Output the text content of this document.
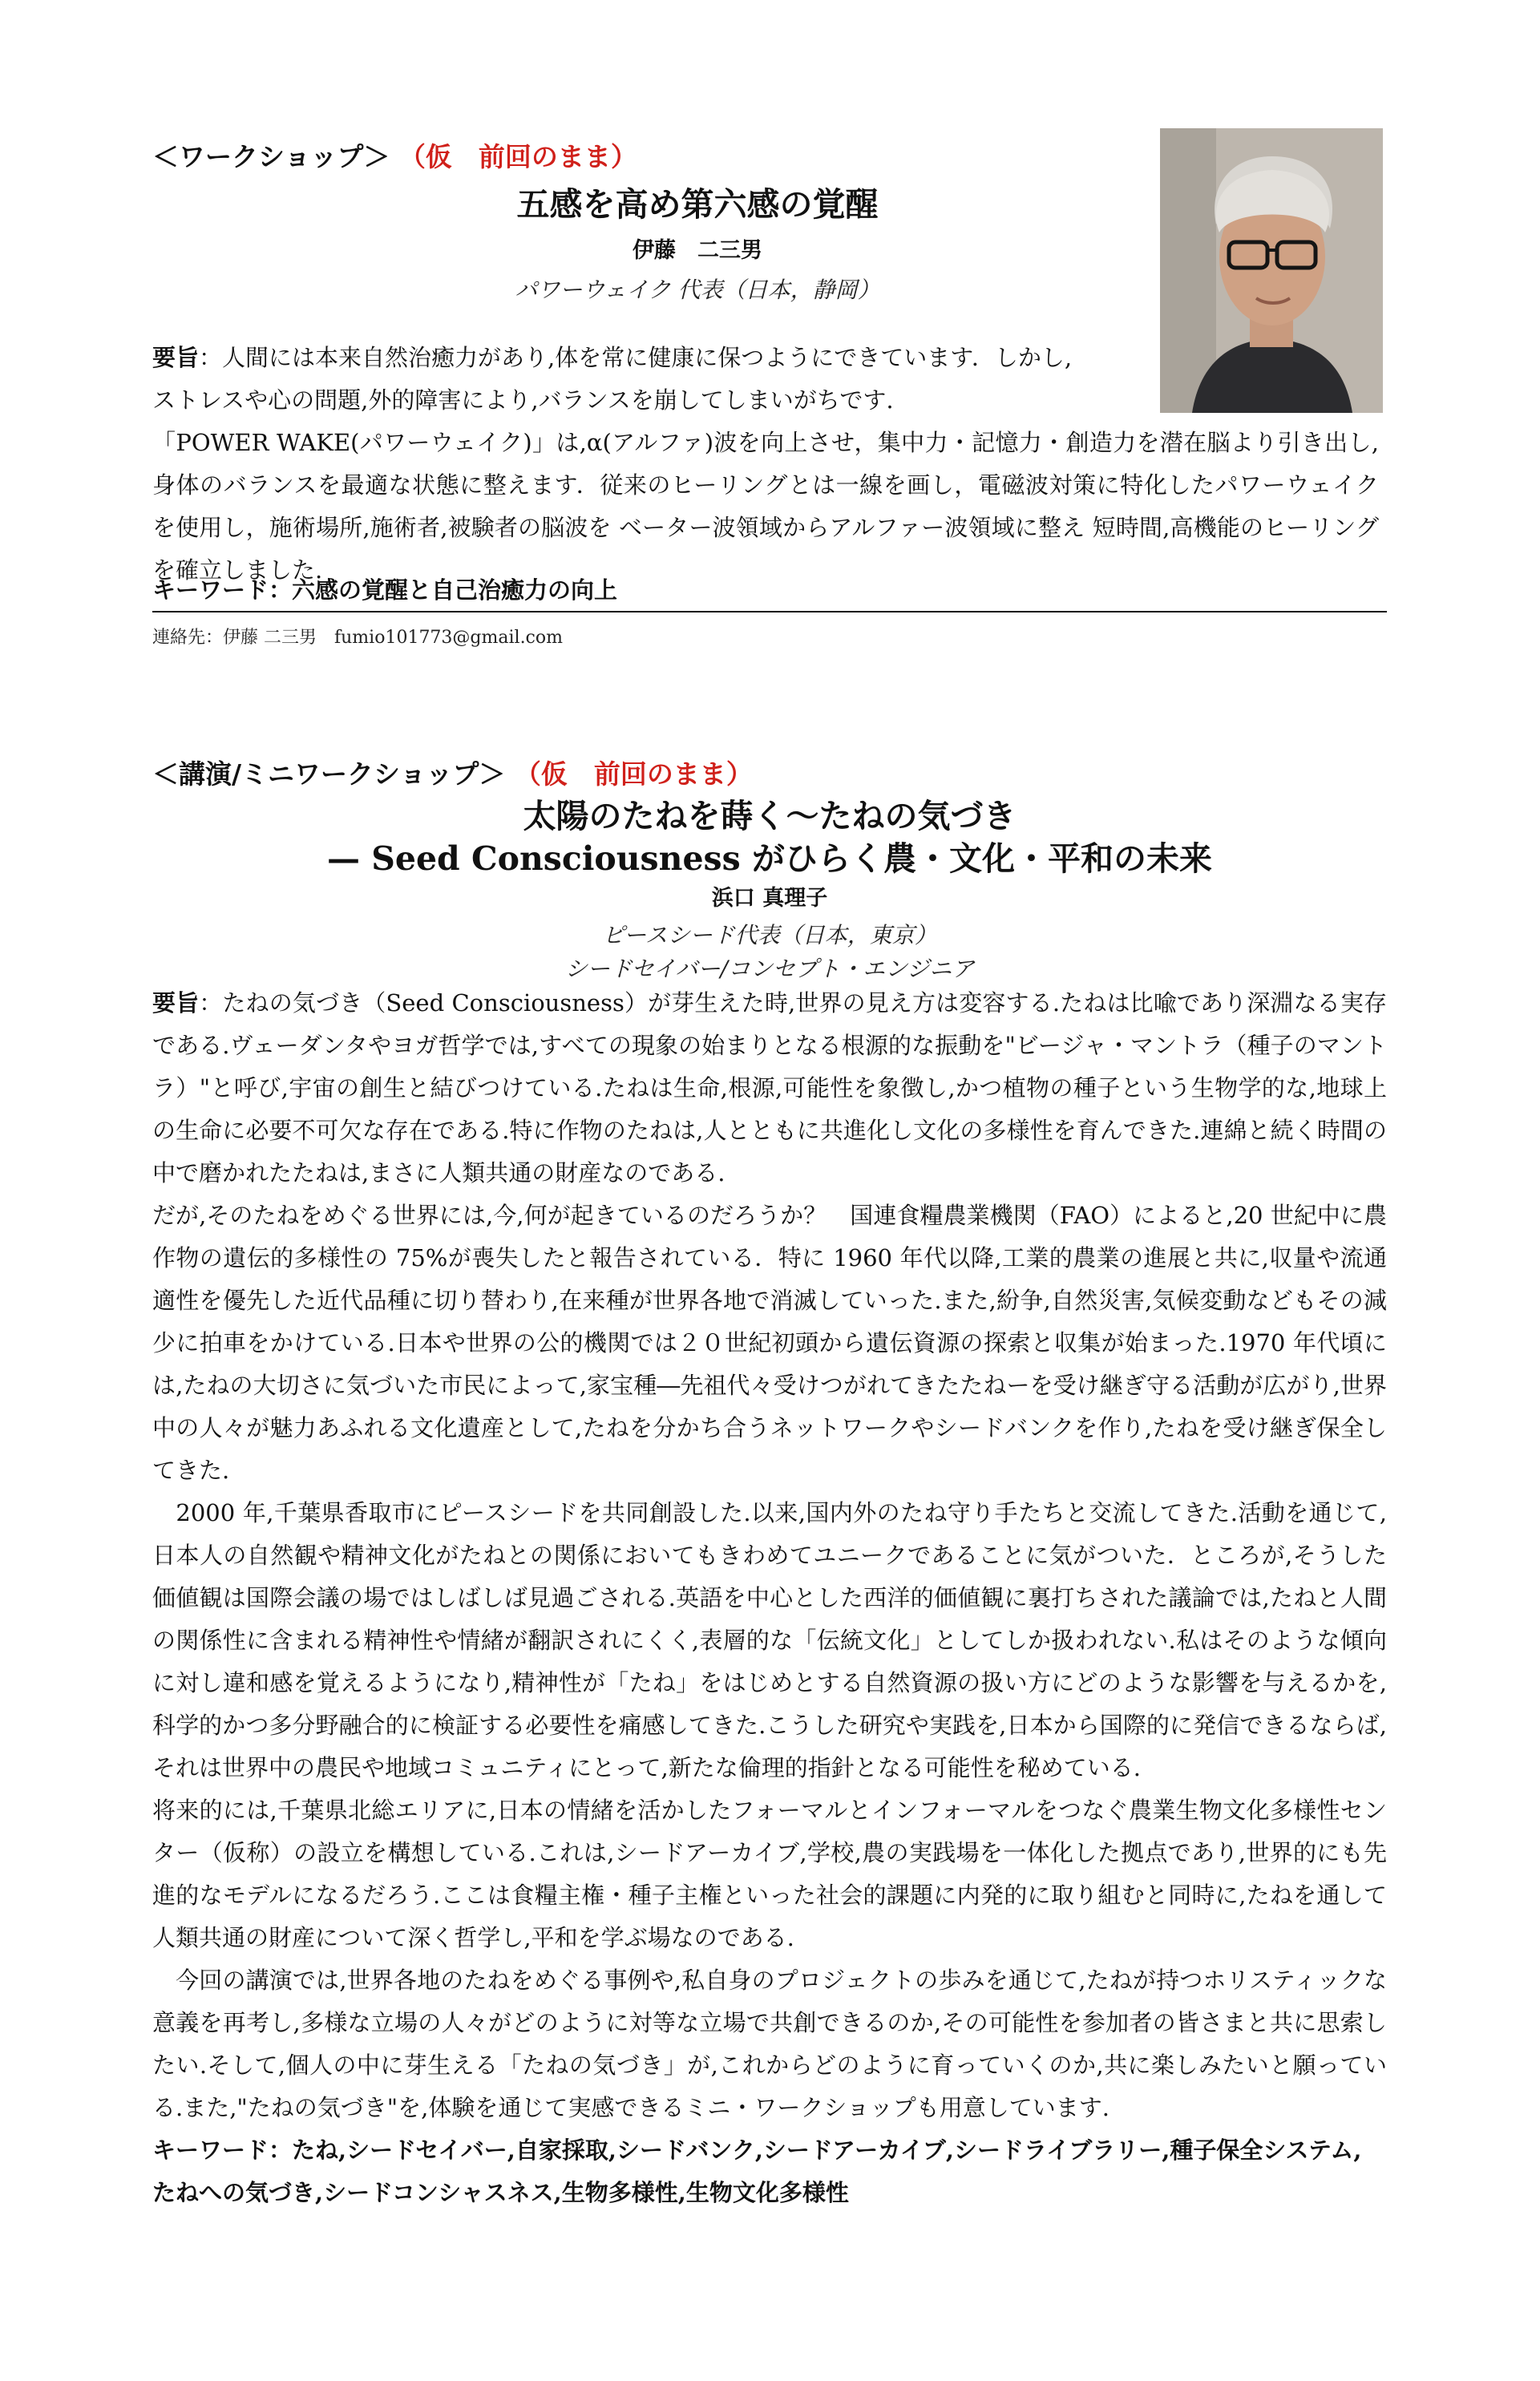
＜ワークショップ＞ （仮　前回のまま）
五感を高め第六感の覚醒
伊藤　二三男
パワーウェイク 代表（日本，静岡）

要旨：人間には本来自然治癒力があり,体を常に健康に保つようにできています．しかし,

ストレスや心の問題,外的障害により,バランスを崩してしまいがちです.

「POWER WAKE(パワーウェイク)」は,α(アルファ)波を向上させ，集中力・記憶力・創造力を潜在脳より引き出し,身体のバランスを最適な状態に整えます．従来のヒーリングとは一線を画し，電磁波対策に特化したパワーウェイクを使用し，施術場所,施術者,被験者の脳波を ベーター波領域からアルファー波領域に整え 短時間,高機能のヒーリングを確立しました.

キーワード：六感の覚醒と自己治癒力の向上
連絡先：伊藤 二三男　fumio101773@gmail.com
＜講演/ミニワークショップ＞ （仮　前回のまま）
太陽のたねを蒔く〜たねの気づき
— Seed Consciousness がひらく農・文化・平和の未来
浜口 真理子
ピースシード代表（日本，東京）
シードセイバー/コンセプト・エンジニア

要旨：たねの気づき（Seed Consciousness）が芽生えた時,世界の見え方は変容する.たねは比喩であり深淵なる実存である.ヴェーダンタやヨガ哲学では,すべての現象の始まりとなる根源的な振動を"ビージャ・マントラ（種子のマントラ）"と呼び,宇宙の創生と結びつけている.たねは生命,根源,可能性を象徴し,かつ植物の種子という生物学的な,地球上の生命に必要不可欠な存在である.特に作物のたねは,人とともに共進化し文化の多様性を育んできた.連綿と続く時間の中で磨かれたたねは,まさに人類共通の財産なのである.

だが,そのたねをめぐる世界には,今,何が起きているのだろうか？　国連食糧農業機関（FAO）によると,20 世紀中に農作物の遺伝的多様性の 75%が喪失したと報告されている．特に 1960 年代以降,工業的農業の進展と共に,収量や流通適性を優先した近代品種に切り替わり,在来種が世界各地で消滅していった.また,紛争,自然災害,気候変動などもその減少に拍車をかけている.日本や世界の公的機関では２０世紀初頭から遺伝資源の探索と収集が始まった.1970 年代頃には,たねの大切さに気づいた市民によって,家宝種―先祖代々受けつがれてきたたねーを受け継ぎ守る活動が広がり,世界中の人々が魅力あふれる文化遺産として,たねを分かち合うネットワークやシードバンクを作り,たねを受け継ぎ保全してきた.

　2000 年,千葉県香取市にピースシードを共同創設した.以来,国内外のたね守り手たちと交流してきた.活動を通じて,日本人の自然観や精神文化がたねとの関係においてもきわめてユニークであることに気がついた．ところが,そうした価値観は国際会議の場ではしばしば見過ごされる.英語を中心とした西洋的価値観に裏打ちされた議論では,たねと人間の関係性に含まれる精神性や情緒が翻訳されにくく,表層的な「伝統文化」としてしか扱われない.私はそのような傾向に対し違和感を覚えるようになり,精神性が「たね」をはじめとする自然資源の扱い方にどのような影響を与えるかを,科学的かつ多分野融合的に検証する必要性を痛感してきた.こうした研究や実践を,日本から国際的に発信できるならば,それは世界中の農民や地域コミュニティにとって,新たな倫理的指針となる可能性を秘めている.

将来的には,千葉県北総エリアに,日本の情緒を活かしたフォーマルとインフォーマルをつなぐ農業生物文化多様性センター（仮称）の設立を構想している.これは,シードアーカイブ,学校,農の実践場を一体化した拠点であり,世界的にも先進的なモデルになるだろう.ここは食糧主権・種子主権といった社会的課題に内発的に取り組むと同時に,たねを通して人類共通の財産について深く哲学し,平和を学ぶ場なのである.

　今回の講演では,世界各地のたねをめぐる事例や,私自身のプロジェクトの歩みを通じて,たねが持つホリスティックな意義を再考し,多様な立場の人々がどのように対等な立場で共創できるのか,その可能性を参加者の皆さまと共に思索したい.そして,個人の中に芽生える「たねの気づき」が,これからどのように育っていくのか,共に楽しみたいと願っている.また,"たねの気づき"を,体験を通じて実感できるミニ・ワークショップも用意しています.

キーワード：たね,シードセイバー,自家採取,シードバンク,シードアーカイブ,シードライブラリー,種子保全システム,
たねへの気づき,シードコンシャスネス,生物多様性,生物文化多様性
